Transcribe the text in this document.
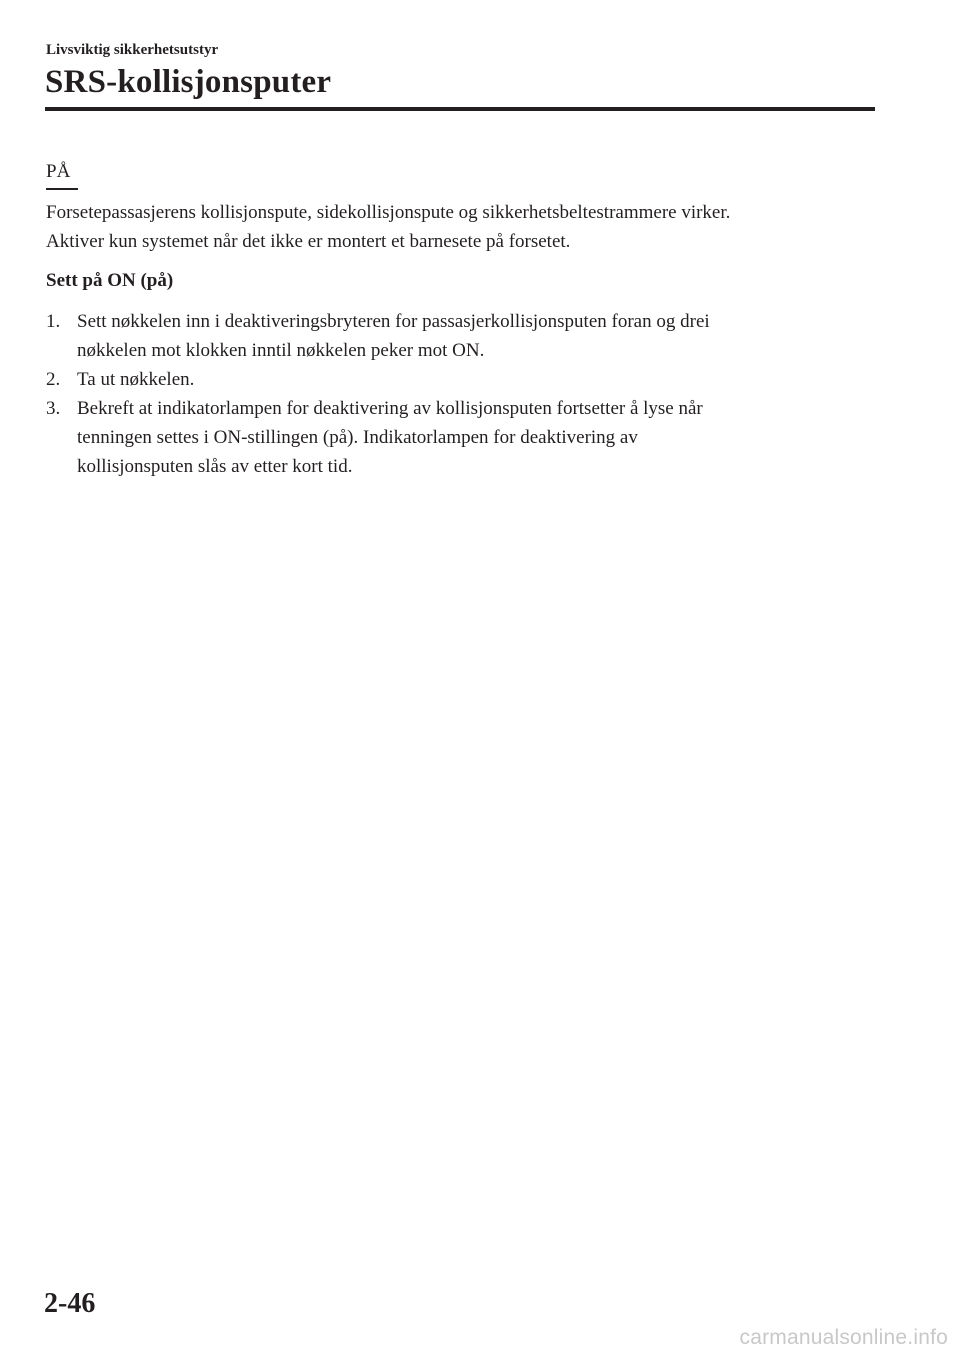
Livsviktig sikkerhetsutstyr
SRS-kollisjonsputer
PÅ

Forsetepassasjerens kollisjonspute, sidekollisjonspute og sikkerhetsbeltestrammere virker.
Aktiver kun systemet når det ikke er montert et barnesete på forsetet.

Sett på ON (på)

1. Sett nøkkelen inn i deaktiveringsbryteren for passasjerkollisjonsputen foran og drei
nøkkelen mot klokken inntil nøkkelen peker mot ON.
2. Ta ut nøkkelen.
3. Bekreft at indikatorlampen for deaktivering av kollisjonsputen fortsetter å lyse når
tenningen settes i ON-stillingen (på). Indikatorlampen for deaktivering av
kollisjonsputen slås av etter kort tid.
2-46
carmanualsonline.info
